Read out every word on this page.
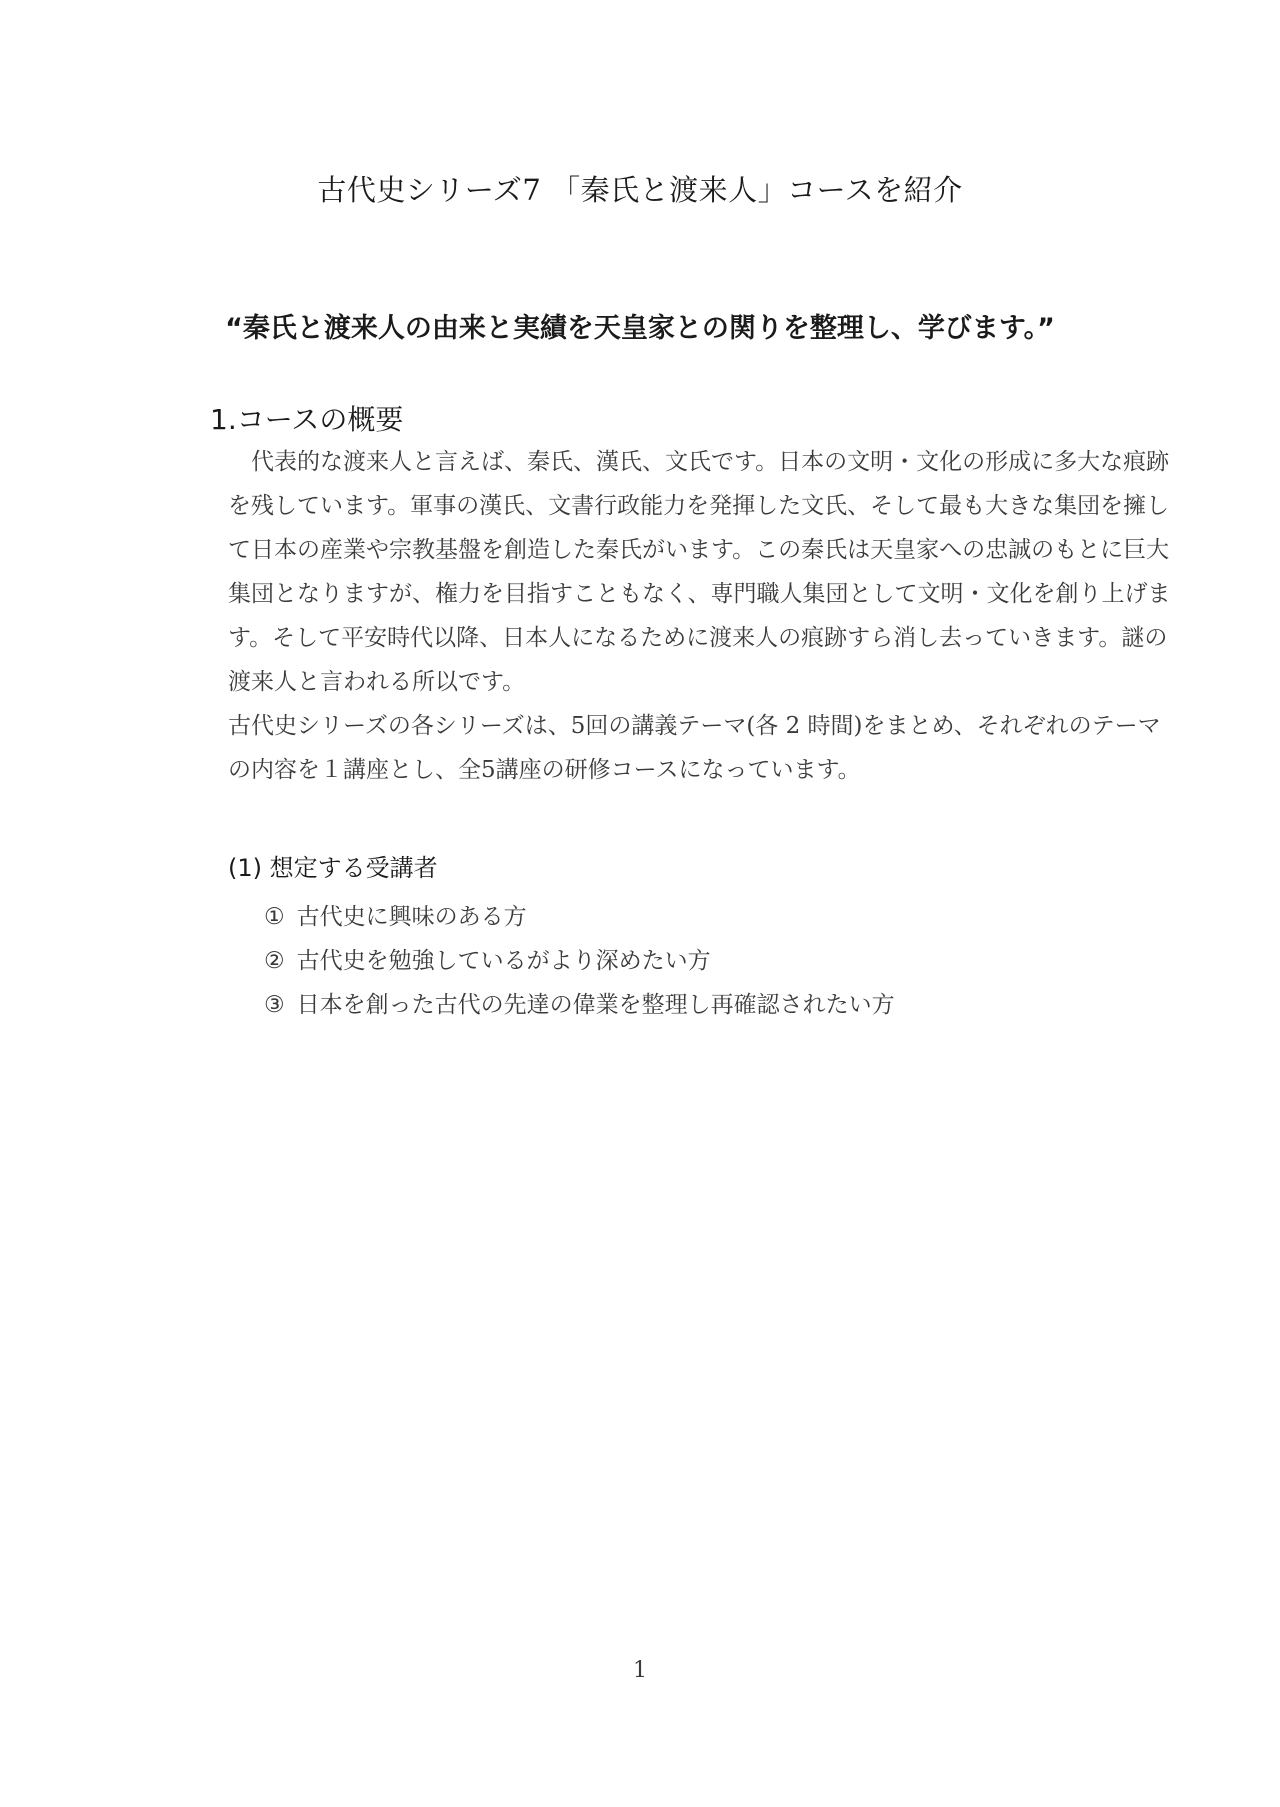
古代史シリーズ7 「秦氏と渡来人」コースを紹介

“秦氏と渡来人の由来と実績を天皇家との関りを整理し、学びます。”

1.コースの概要

　代表的な渡来人と言えば、秦氏、漢氏、文氏です。日本の文明・文化の形成に多大な痕跡を残しています。軍事の漢氏、文書行政能力を発揮した文氏、そして最も大きな集団を擁して日本の産業や宗教基盤を創造した秦氏がいます。この秦氏は天皇家への忠誠のもとに巨大集団となりますが、権力を目指すこともなく、専門職人集団として文明・文化を創り上げます。そして平安時代以降、日本人になるために渡来人の痕跡すら消し去っていきます。謎の渡来人と言われる所以です。

古代史シリーズの各シリーズは、5回の講義テーマ(各 2 時間)をまとめ、それぞれのテーマの内容を１講座とし、全5講座の研修コースになっています。

(1) 想定する受講者
① 古代史に興味のある方
② 古代史を勉強しているがより深めたい方
③ 日本を創った古代の先達の偉業を整理し再確認されたい方
1
